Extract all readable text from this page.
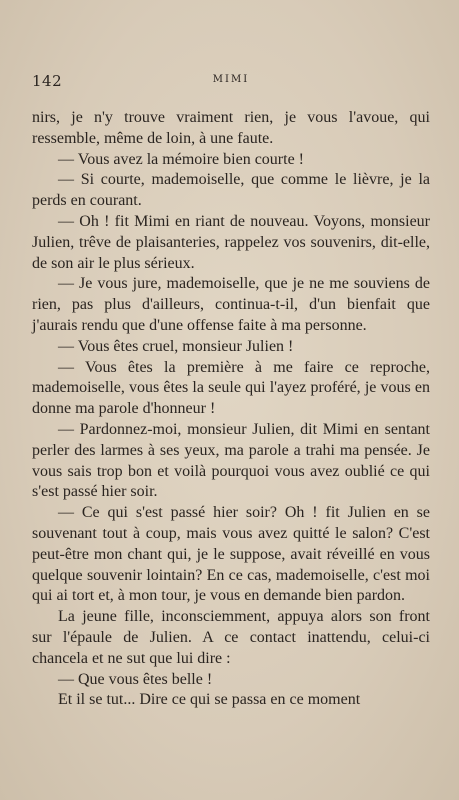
142	MIMI

nirs, je n'y trouve vraiment rien, je vous l'avoue, qui ressemble, même de loin, à une faute.

— Vous avez la mémoire bien courte !

— Si courte, mademoiselle, que comme le lièvre, je la perds en courant.

— Oh ! fit Mimi en riant de nouveau. Voyons, monsieur Julien, trêve de plaisanteries, rappelez vos souvenirs, dit-elle, de son air le plus sérieux.

— Je vous jure, mademoiselle, que je ne me souviens de rien, pas plus d'ailleurs, continua-t-il, d'un bienfait que j'aurais rendu que d'une offense faite à ma personne.

— Vous êtes cruel, monsieur Julien !

— Vous êtes la première à me faire ce reproche, mademoiselle, vous êtes la seule qui l'ayez proféré, je vous en donne ma parole d'honneur !

— Pardonnez-moi, monsieur Julien, dit Mimi en sentant perler des larmes à ses yeux, ma parole a trahi ma pensée. Je vous sais trop bon et voilà pourquoi vous avez oublié ce qui s'est passé hier soir.

— Ce qui s'est passé hier soir? Oh ! fit Julien en se souvenant tout à coup, mais vous avez quitté le salon? C'est peut-être mon chant qui, je le suppose, avait réveillé en vous quelque souvenir lointain? En ce cas, mademoiselle, c'est moi qui ai tort et, à mon tour, je vous en demande bien pardon.

La jeune fille, inconsciemment, appuya alors son front sur l'épaule de Julien. A ce contact inattendu, celui-ci chancela et ne sut que lui dire :

— Que vous êtes belle !

Et il se tut... Dire ce qui se passa en ce moment
